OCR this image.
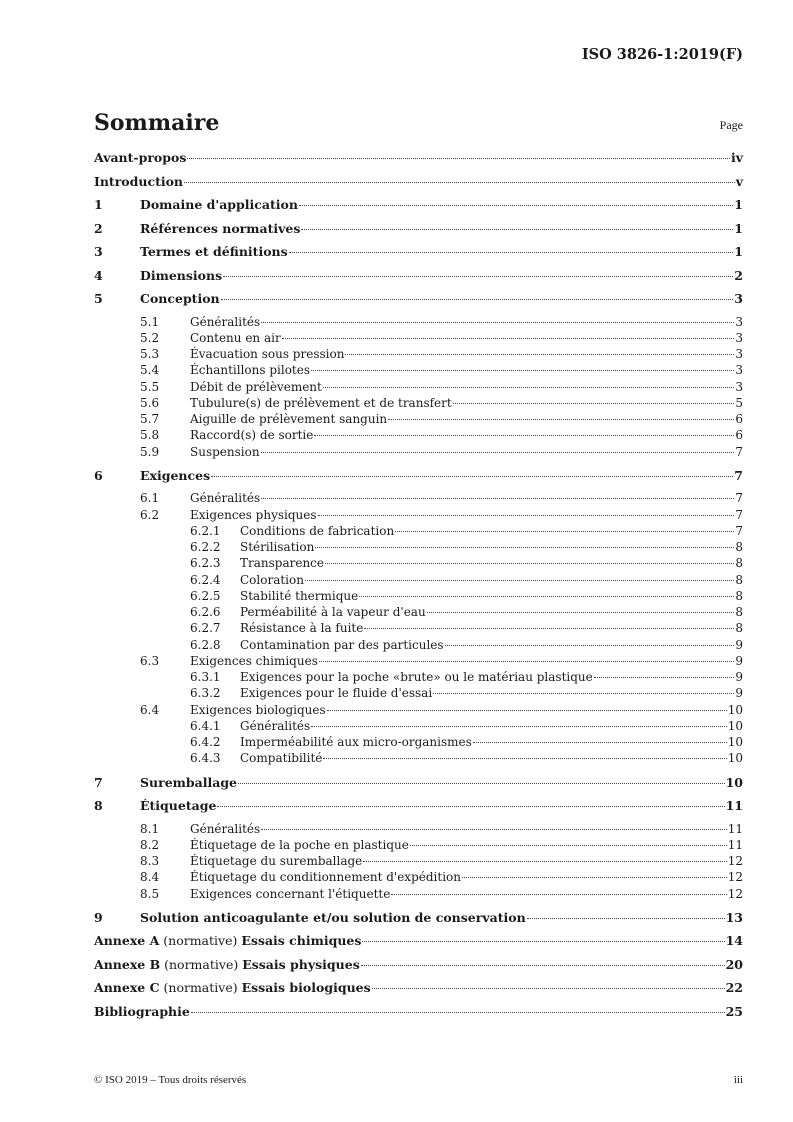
ISO 3826-1:2019(F)
Sommaire	Page
Avant-propos	iv
Introduction	v
1	Domaine d'application	1
2	Références normatives	1
3	Termes et définitions	1
4	Dimensions	2
5	Conception	3
5.1	Généralités	3
5.2	Contenu en air	3
5.3	Évacuation sous pression	3
5.4	Échantillons pilotes	3
5.5	Débit de prélèvement	3
5.6	Tubulure(s) de prélèvement et de transfert	5
5.7	Aiguille de prélèvement sanguin	6
5.8	Raccord(s) de sortie	6
5.9	Suspension	7
6	Exigences	7
6.1	Généralités	7
6.2	Exigences physiques	7
6.2.1	Conditions de fabrication	7
6.2.2	Stérilisation	8
6.2.3	Transparence	8
6.2.4	Coloration	8
6.2.5	Stabilité thermique	8
6.2.6	Perméabilité à la vapeur d'eau	8
6.2.7	Résistance à la fuite	8
6.2.8	Contamination par des particules	9
6.3	Exigences chimiques	9
6.3.1	Exigences pour la poche «brute» ou le matériau plastique	9
6.3.2	Exigences pour le fluide d'essai	9
6.4	Exigences biologiques	10
6.4.1	Généralités	10
6.4.2	Imperméabilité aux micro-organismes	10
6.4.3	Compatibilité	10
7	Suremballage	10
8	Étiquetage	11
8.1	Généralités	11
8.2	Étiquetage de la poche en plastique	11
8.3	Étiquetage du suremballage	12
8.4	Étiquetage du conditionnement d'expédition	12
8.5	Exigences concernant l'étiquette	12
9	Solution anticoagulante et/ou solution de conservation	13
Annexe A (normative) Essais chimiques	14
Annexe B (normative) Essais physiques	20
Annexe C (normative) Essais biologiques	22
Bibliographie	25
© ISO 2019 – Tous droits réservés	iii
